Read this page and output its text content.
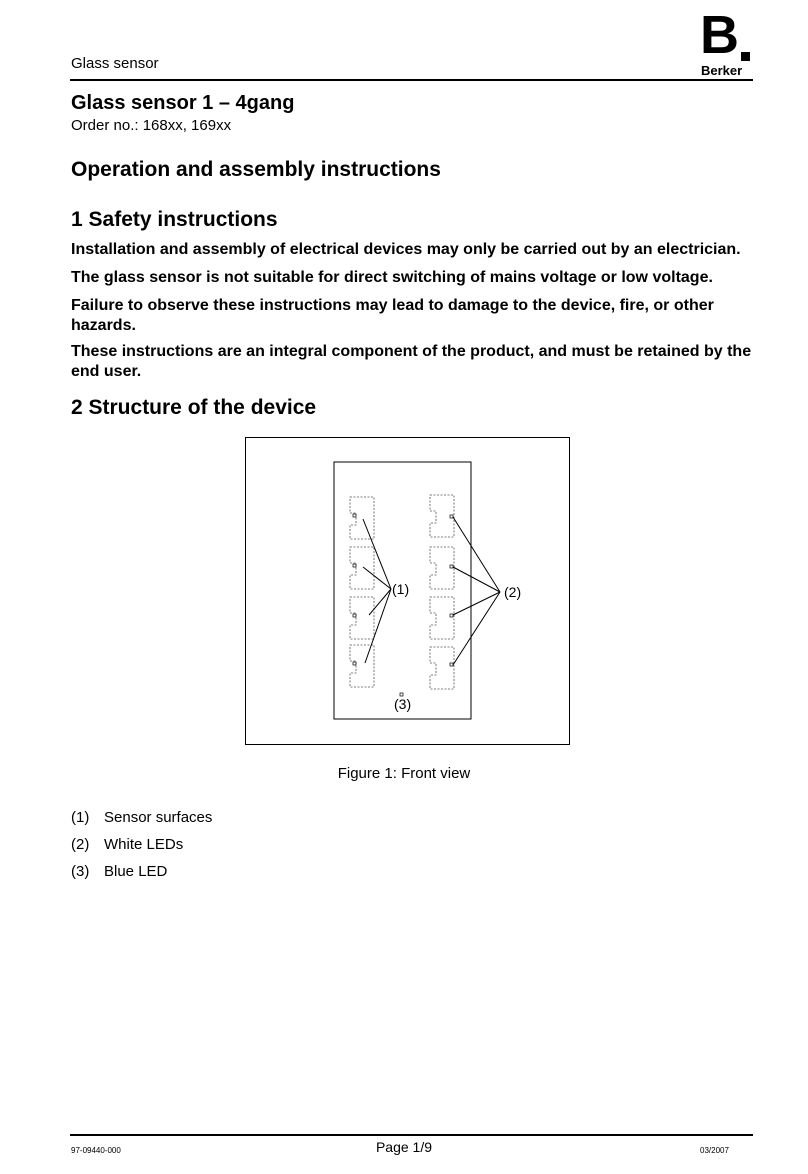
Glass sensor	B
Berker
Glass sensor 1 – 4gang
Order no.: 168xx, 169xx
Operation and assembly instructions
1 Safety instructions
Installation and assembly of electrical devices may only be carried out by an electrician.
The glass sensor is not suitable for direct switching of mains voltage or low voltage.
Failure to observe these instructions may lead to damage to the device, fire, or other hazards.
These instructions are an integral component of the product, and must be retained by the end user.
2 Structure of the device
(1)	(2)
(3)
Figure 1: Front view
(1) Sensor surfaces
(2) White LEDs
(3) Blue LED
97-09440-000	Page 1/9	03/2007
